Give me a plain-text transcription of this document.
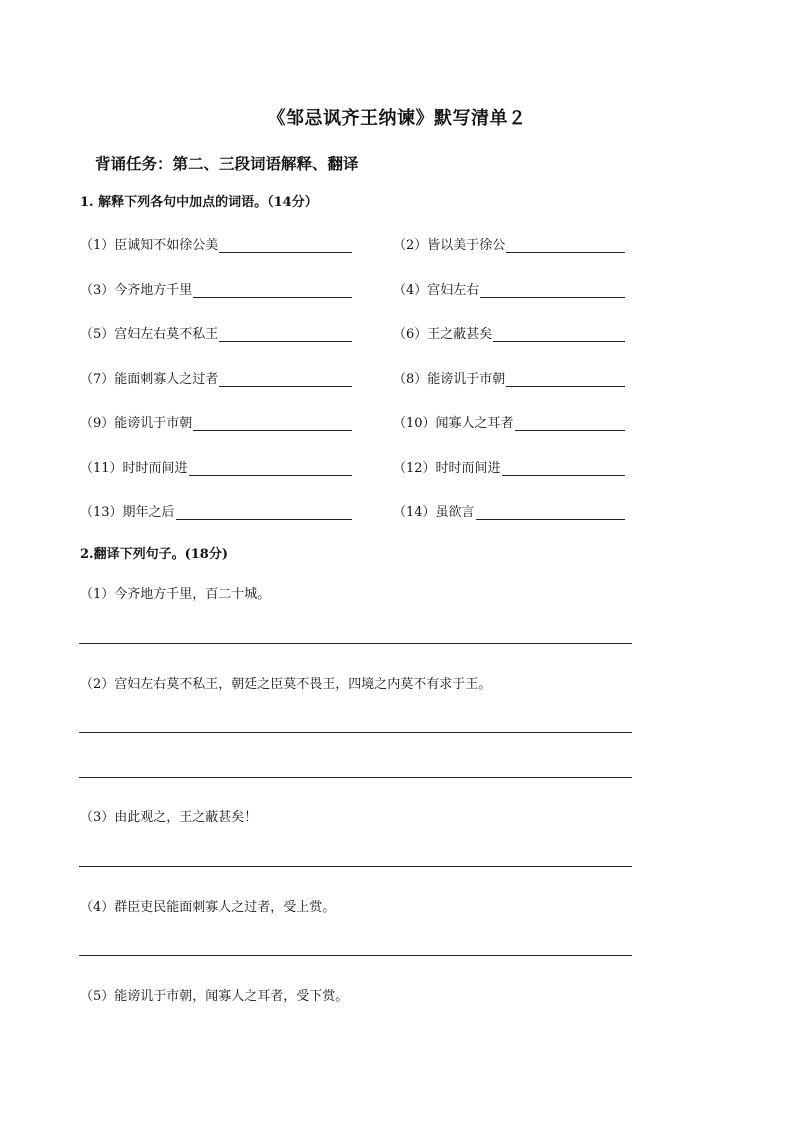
《邹忌讽齐王纳谏》默写清单２
背诵任务：第二、三段词语解释、翻译
1. 解释下列各句中加点的词语。（14分）
（1）臣诚知不如徐公美	（2）皆以美于徐公
（3）今齐地方千里	（4）宫妇左右
（5）宫妇左右莫不私王	（6）王之蔽甚矣
（7）能面刺寡人之过者	（8）能谤讥于市朝
（9）能谤讥于市朝	（10）闻寡人之耳者
（11）时时而间进	（12）时时而间进
（13）期年之后	（14）虽欲言
2.翻译下列句子。(18分)
（1）今齐地方千里，百二十城。
（2）宫妇左右莫不私王，朝廷之臣莫不畏王，四境之内莫不有求于王。
（3）由此观之，王之蔽甚矣！
（4）群臣吏民能面刺寡人之过者，受上赏。
（5）能谤讥于市朝，闻寡人之耳者，受下赏。
